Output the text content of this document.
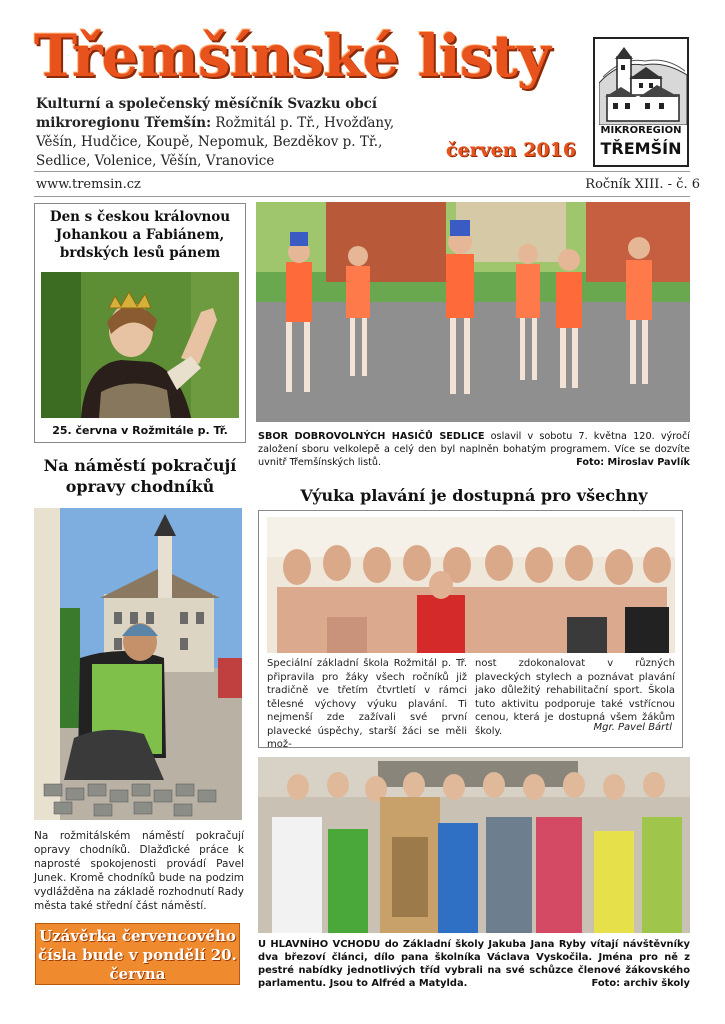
Třemšínské listy
Kulturní a společenský měsíčník Svazku obcí mikroregionu Třemšín: Rožmitál p. Tř., Hvožďany, Věšín, Hudčice, Koupě, Nepomuk, Bezděkov p. Tř., Sedlice, Volenice, Věšín, Vranovice	červen 2016
MIKROREGION
TŘEMŠÍN
www.tremsin.cz	Ročník XIII. - č. 6
Den s českou královnou Johankou a Fabiánem, brdských lesů pánem
25. června v Rožmitále p. Tř.
Na náměstí pokračují opravy chodníků
Na rožmitálském náměstí pokračují opravy chodníků. Dlažďické práce k naprosté spokojenosti provádí Pavel Junek. Kromě chodníků bude na podzim vydlážděna na základě rozhodnutí Rady města také střední část náměstí.
Uzávěrka červencového čísla bude v pondělí 20. června
SBOR DOBROVOLNÝCH HASIČŮ SEDLICE oslavil v sobotu 7. května 120. výročí založení sboru velkolepě a celý den byl naplněn bohatým programem. Více se dozvíte uvnitř Třemšínských listů.	Foto: Miroslav Pavlík
Výuka plavání je dostupná pro všechny
Speciální základní škola Rožmitál p. Tř. připravila pro žáky všech ročníků již tradičně ve třetím čtvrtletí v rámci tělesné výchovy výuku plavání. Ti nejmenší zde zažívali své první plavecké úspěchy, starší žáci se měli mož-
nost zdokonalovat v různých plaveckých stylech a poznávat plavání jako důležitý rehabilitační sport. Škola tuto aktivitu podporuje také vstřícnou cenou, která je dostupná všem žákům školy.	Mgr. Pavel Bártl
U HLAVNÍHO VCHODU do Základní školy Jakuba Jana Ryby vítají návštěvníky dva březoví článci, dílo pana školníka Václava Vyskočila. Jména pro ně z pestré nabídky jednotlivých tříd vybrali na své schůzce členové žákovského parlamentu. Jsou to Alfréd a Matylda.	Foto: archiv školy
